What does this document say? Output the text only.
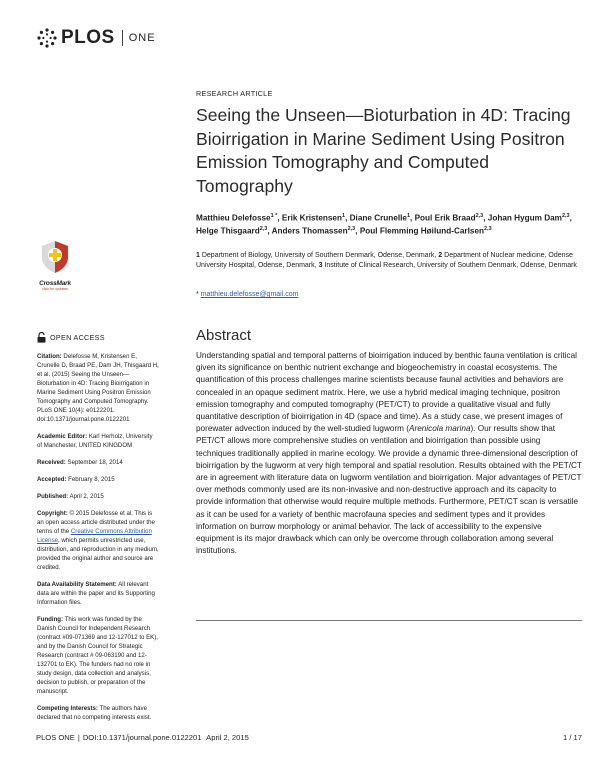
PLOS ONE
RESEARCH ARTICLE
Seeing the Unseen—Bioturbation in 4D: Tracing Bioirrigation in Marine Sediment Using Positron Emission Tomography and Computed Tomography
Matthieu Delefosse$^{1 *}$, Erik Kristensen$^1$, Diane Crunelle$^1$, Poul Erik Braad$^{2,3}$, Johan Hygum Dam$^{2,3}$, Helge Thisgaard$^{2,3}$, Anders Thomassen$^{2,3}$, Poul Flemming Høilund-Carlsen$^{2,3}$
1 Department of Biology, University of Southern Denmark, Odense, Denmark, 2 Department of Nuclear medicine, Odense University Hospital, Odense, Denmark, 3 Institute of Clinical Research, University of Southern Denmark, Odense, Denmark
* matthieu.delefosse@gmail.com
CrossMark
click for updates
OPEN ACCESS
Citation: Delefosse M, Kristensen E, Crunelle D, Braad PE, Dam JH, Thisgaard H, et al. (2015) Seeing the Unseen—Bioturbation in 4D: Tracing Bioirrigation in Marine Sediment Using Positron Emission Tomography and Computed Tomography. PLoS ONE 10(4): e0122201. doi:10.1371/journal.pone.0122201
Academic Editor: Karl Herholz, University of Manchester, UNITED KINGDOM
Received: September 18, 2014
Accepted: February 8, 2015
Published: April 2, 2015
Copyright: © 2015 Delefosse et al. This is an open access article distributed under the terms of the Creative Commons Attribution License, which permits unrestricted use, distribution, and reproduction in any medium, provided the original author and source are credited.
Data Availability Statement: All relevant data are within the paper and its Supporting Information files.
Funding: This work was funded by the Danish Council for Independent Research (contract #09-071369 and 12-127012 to EK), and by the Danish Council for Strategic Research (contract # 09-063190 and 12-132701 to EK). The funders had no role in study design, data collection and analysis, decision to publish, or preparation of the manuscript.
Competing Interests: The authors have declared that no competing interests exist.
Abstract
Understanding spatial and temporal patterns of bioirrigation induced by benthic fauna ventilation is critical given its significance on benthic nutrient exchange and biogeochemistry in coastal ecosystems. The quantification of this process challenges marine scientists because faunal activities and behaviors are concealed in an opaque sediment matrix. Here, we use a hybrid medical imaging technique, positron emission tomography and computed tomography (PET/CT) to provide a qualitative visual and fully quantitative description of bioirrigation in 4D (space and time). As a study case, we present images of porewater advection induced by the well-studied lugworm (Arenicola marina). Our results show that PET/CT allows more comprehensive studies on ventilation and bioirrigation than possible using techniques traditionally applied in marine ecology. We provide a dynamic three-dimensional description of bioirrigation by the lugworm at very high temporal and spatial resolution. Results obtained with the PET/CT are in agreement with literature data on lugworm ventilation and bioirrigation. Major advantages of PET/CT over methods commonly used are its non-invasive and non-destructive approach and its capacity to provide information that otherwise would require multiple methods. Furthermore, PET/CT scan is versatile as it can be used for a variety of benthic macrofauna species and sediment types and it provides information on burrow morphology or animal behavior. The lack of accessibility to the expensive equipment is its major drawback which can only be overcome through collaboration among several institutions.
PLOS ONE | DOI:10.1371/journal.pone.0122201 April 2, 2015	1 / 17
